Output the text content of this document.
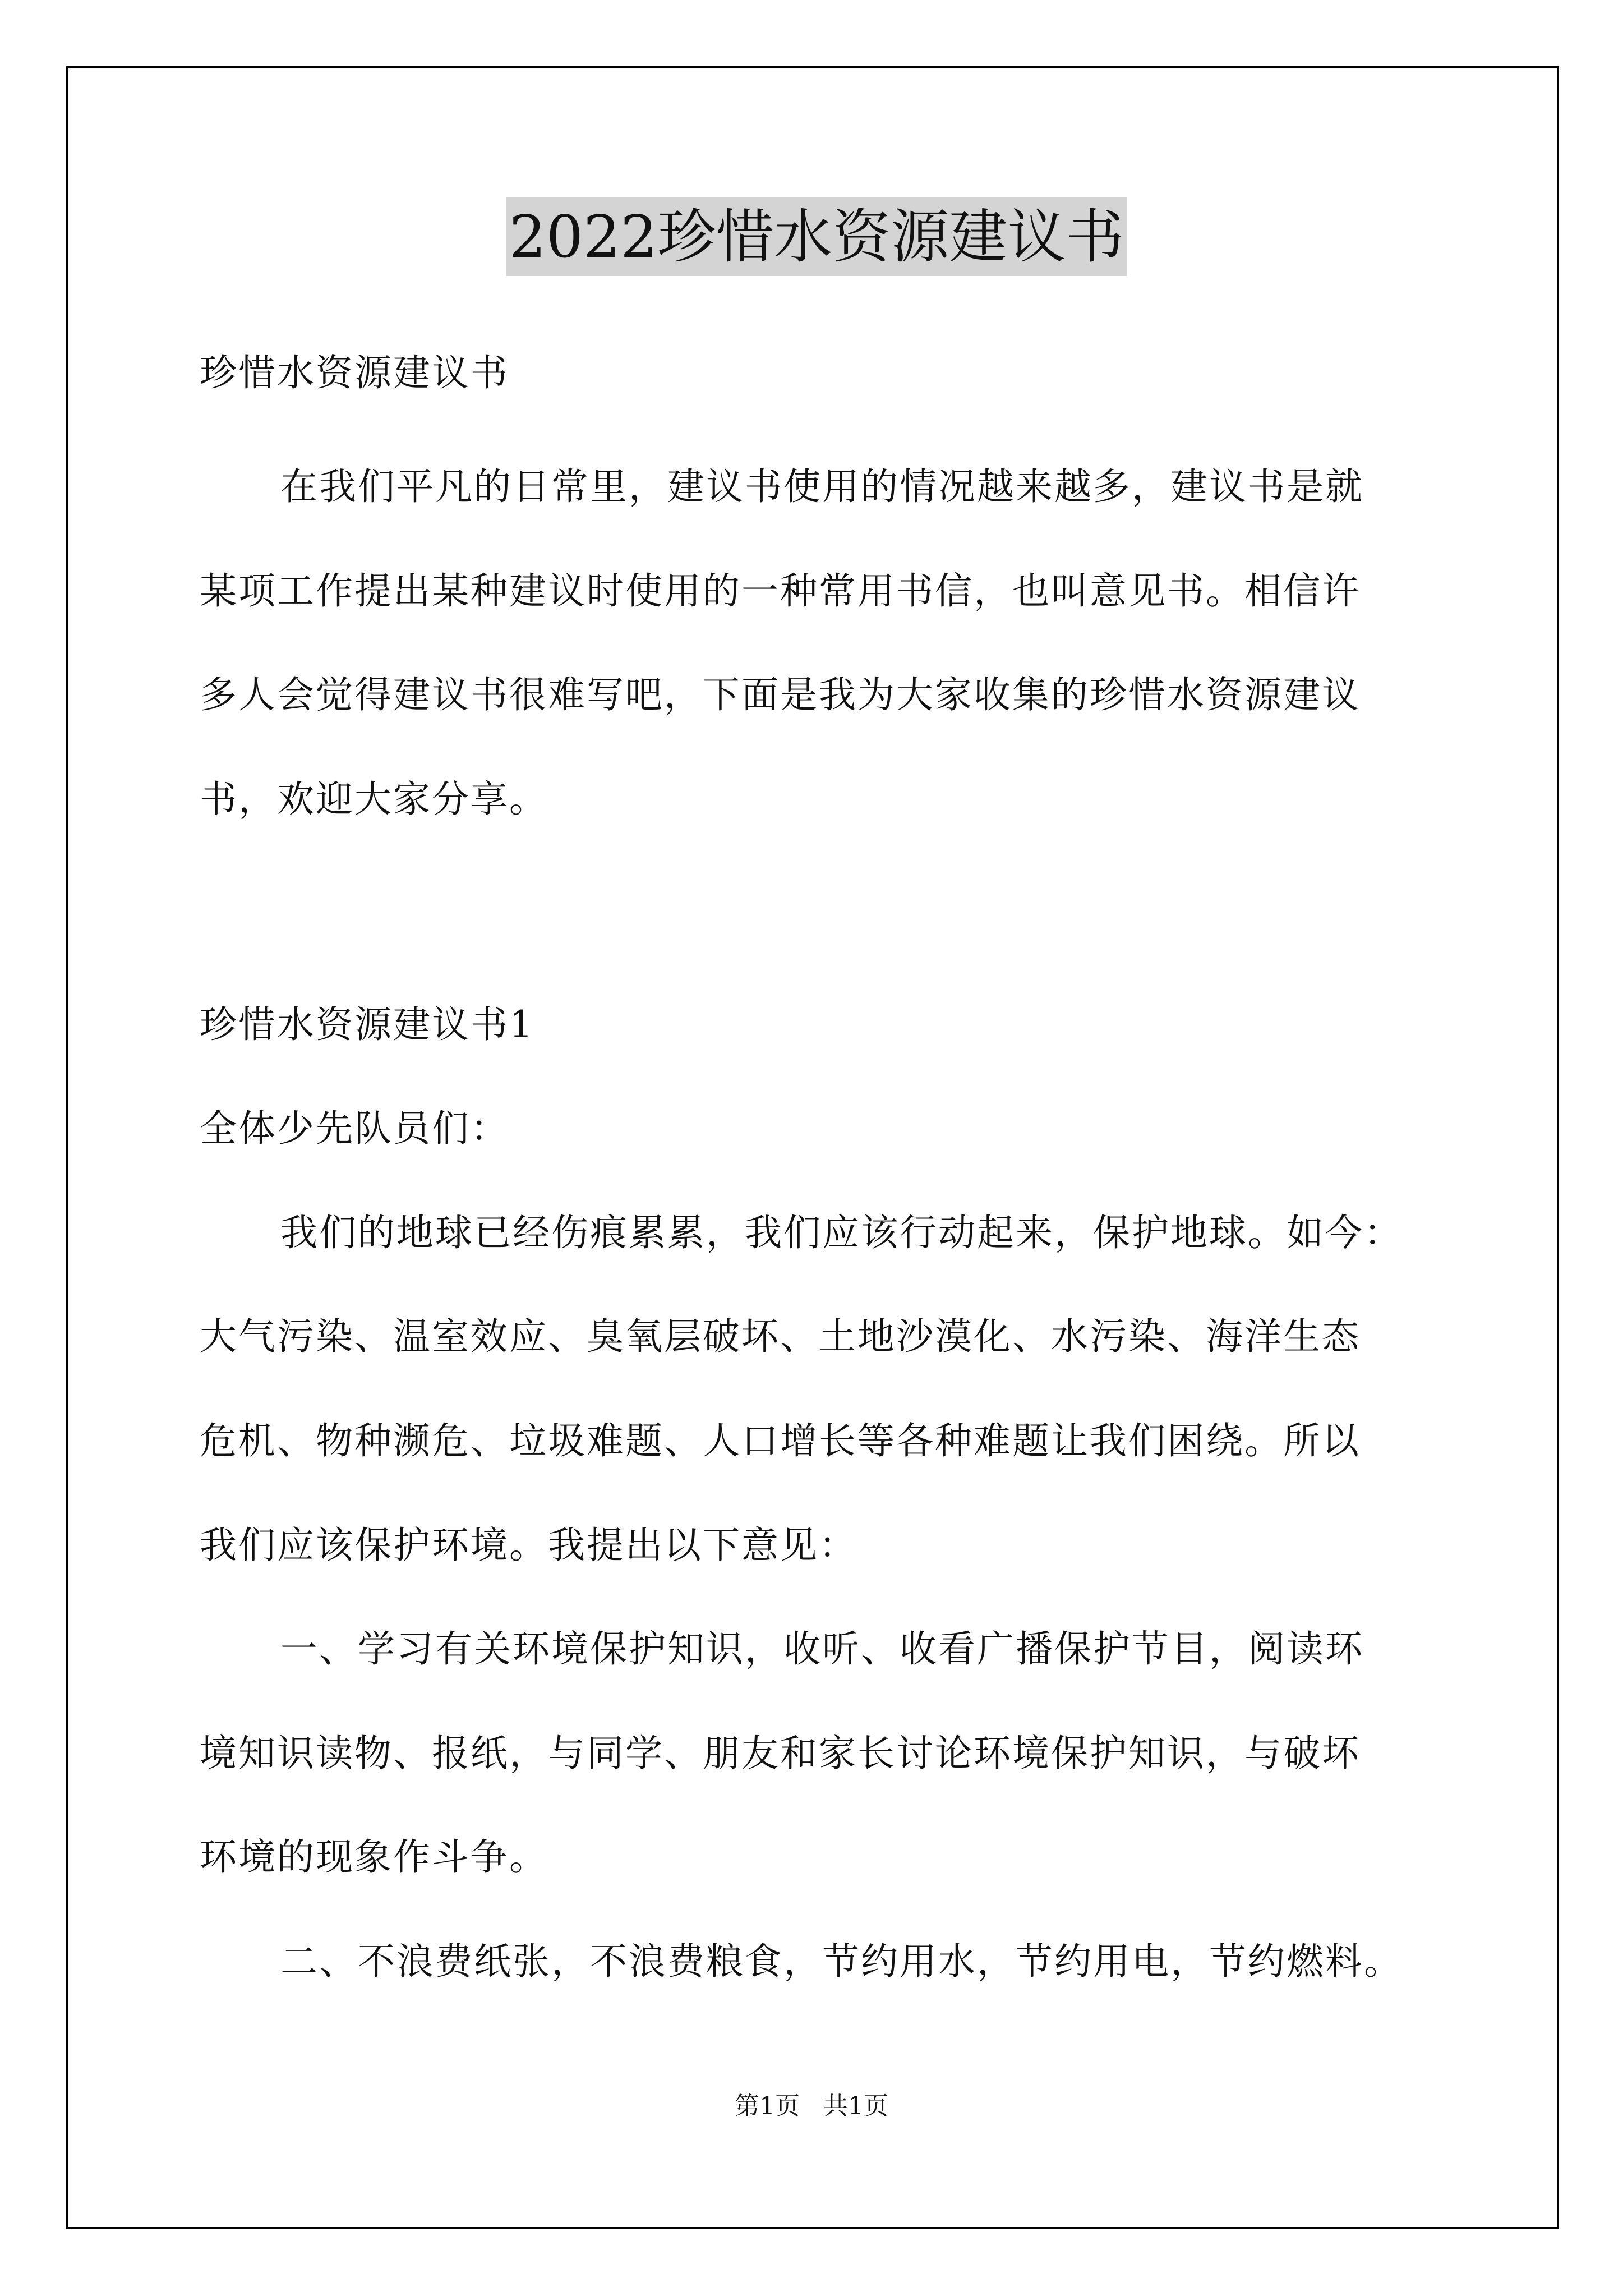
2022珍惜水资源建议书

珍惜水资源建议书

在我们平凡的日常里，建议书使用的情况越来越多，建议书是就

某项工作提出某种建议时使用的一种常用书信，也叫意见书。相信许

多人会觉得建议书很难写吧，下面是我为大家收集的珍惜水资源建议

书，欢迎大家分享。

珍惜水资源建议书1

全体少先队员们：

我们的地球已经伤痕累累，我们应该行动起来，保护地球。如今：

大气污染、温室效应、臭氧层破坏、土地沙漠化、水污染、海洋生态

危机、物种濒危、垃圾难题、人口增长等各种难题让我们困绕。所以

我们应该保护环境。我提出以下意见：

一、学习有关环境保护知识，收听、收看广播保护节目，阅读环

境知识读物、报纸，与同学、朋友和家长讨论环境保护知识，与破坏

环境的现象作斗争。

二、不浪费纸张，不浪费粮食，节约用水，节约用电，节约燃料。

第1页   共1页
